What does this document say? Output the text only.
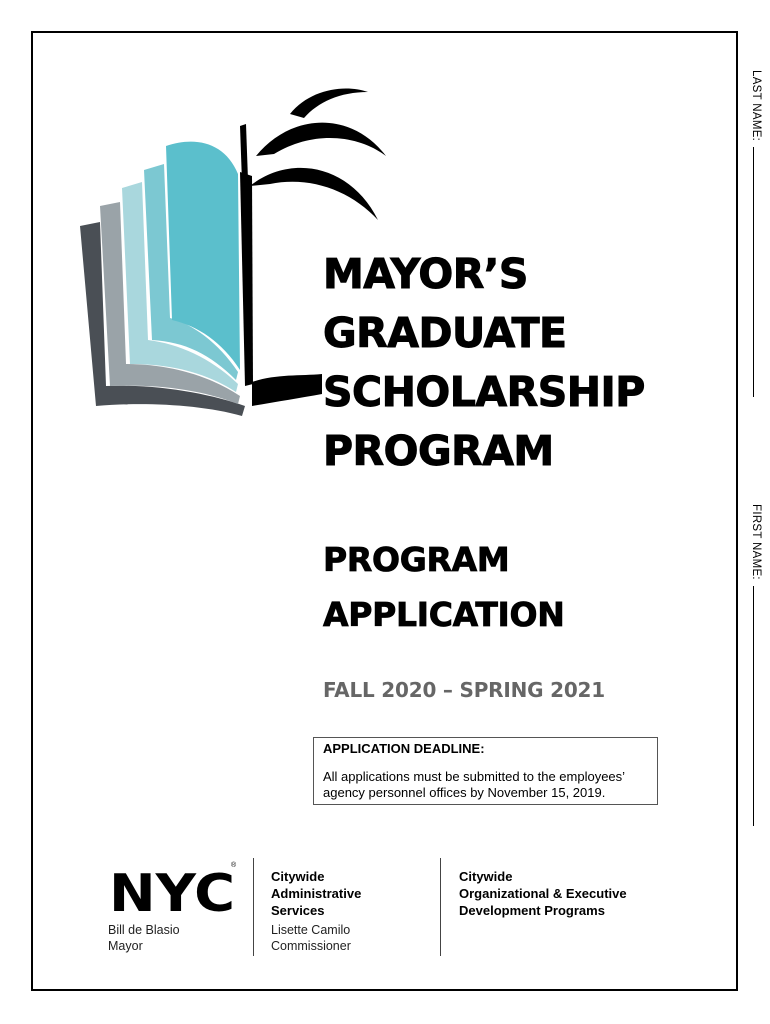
MAYOR’S
GRADUATE
SCHOLARSHIP
PROGRAM
PROGRAM
APPLICATION

FALL 2020 – SPRING 2021

APPLICATION DEADLINE:

All applications must be submitted to the employees’ agency personnel offices by November 15, 2019.

LAST NAME:
FIRST NAME:
NYC
®
Bill de Blasio
Mayor
Citywide
Administrative
Services
Lisette Camilo
Commissioner
Citywide
Organizational & Executive
Development Programs
